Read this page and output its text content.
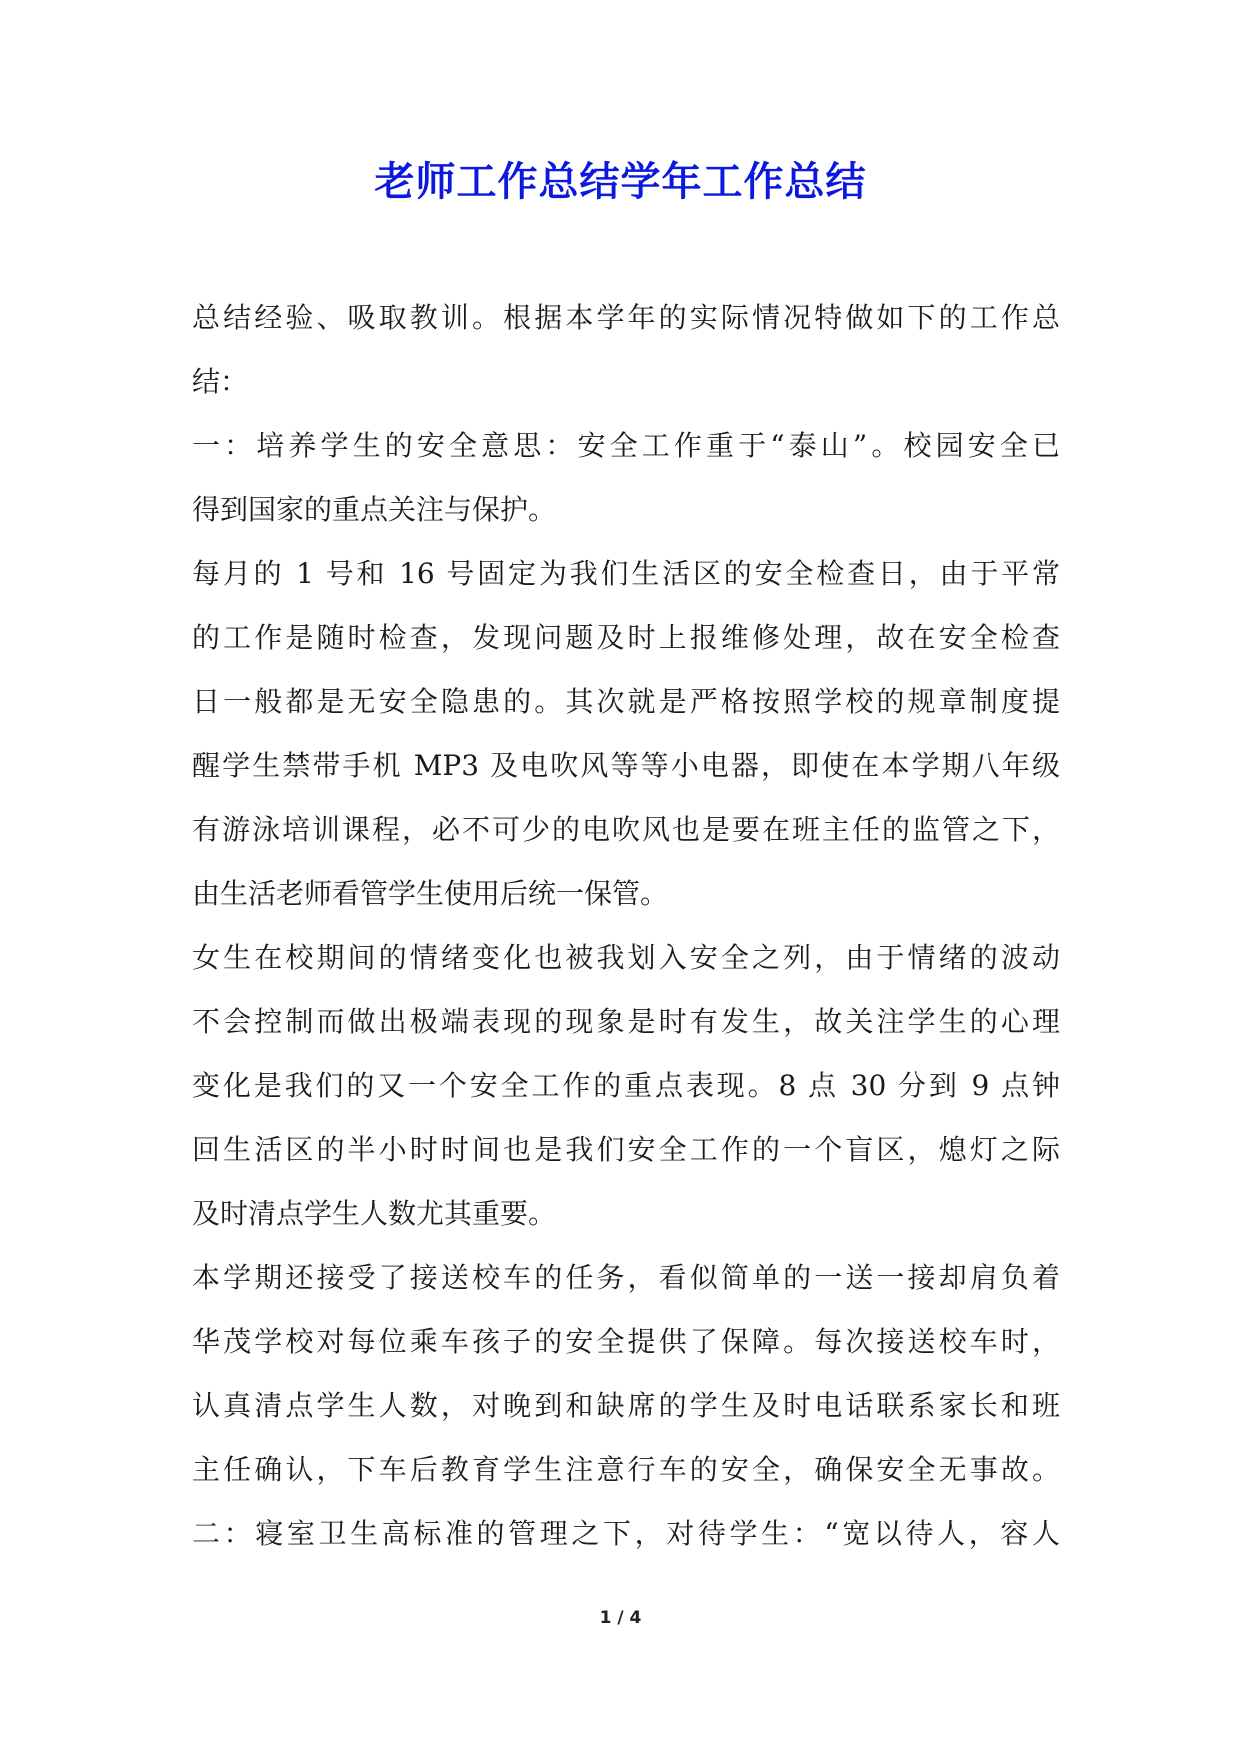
老师工作总结学年工作总结
总结经验、吸取教训。根据本学年的实际情况特做如下的工作总
结：
一：培养学生的安全意思：安全工作重于“泰山”。校园安全已
得到国家的重点关注与保护。
每月的 1 号和 16 号固定为我们生活区的安全检查日，由于平常
的工作是随时检查，发现问题及时上报维修处理，故在安全检查
日一般都是无安全隐患的。其次就是严格按照学校的规章制度提
醒学生禁带手机 MP3 及电吹风等等小电器，即使在本学期八年级
有游泳培训课程，必不可少的电吹风也是要在班主任的监管之下，
由生活老师看管学生使用后统一保管。
女生在校期间的情绪变化也被我划入安全之列，由于情绪的波动
不会控制而做出极端表现的现象是时有发生，故关注学生的心理
变化是我们的又一个安全工作的重点表现。8 点 30 分到 9 点钟
回生活区的半小时时间也是我们安全工作的一个盲区，熄灯之际
及时清点学生人数尤其重要。
本学期还接受了接送校车的任务，看似简单的一送一接却肩负着
华茂学校对每位乘车孩子的安全提供了保障。每次接送校车时，
认真清点学生人数，对晚到和缺席的学生及时电话联系家长和班
主任确认，下车后教育学生注意行车的安全，确保安全无事故。
二：寝室卫生高标准的管理之下，对待学生：“宽以待人，容人
1 / 4
